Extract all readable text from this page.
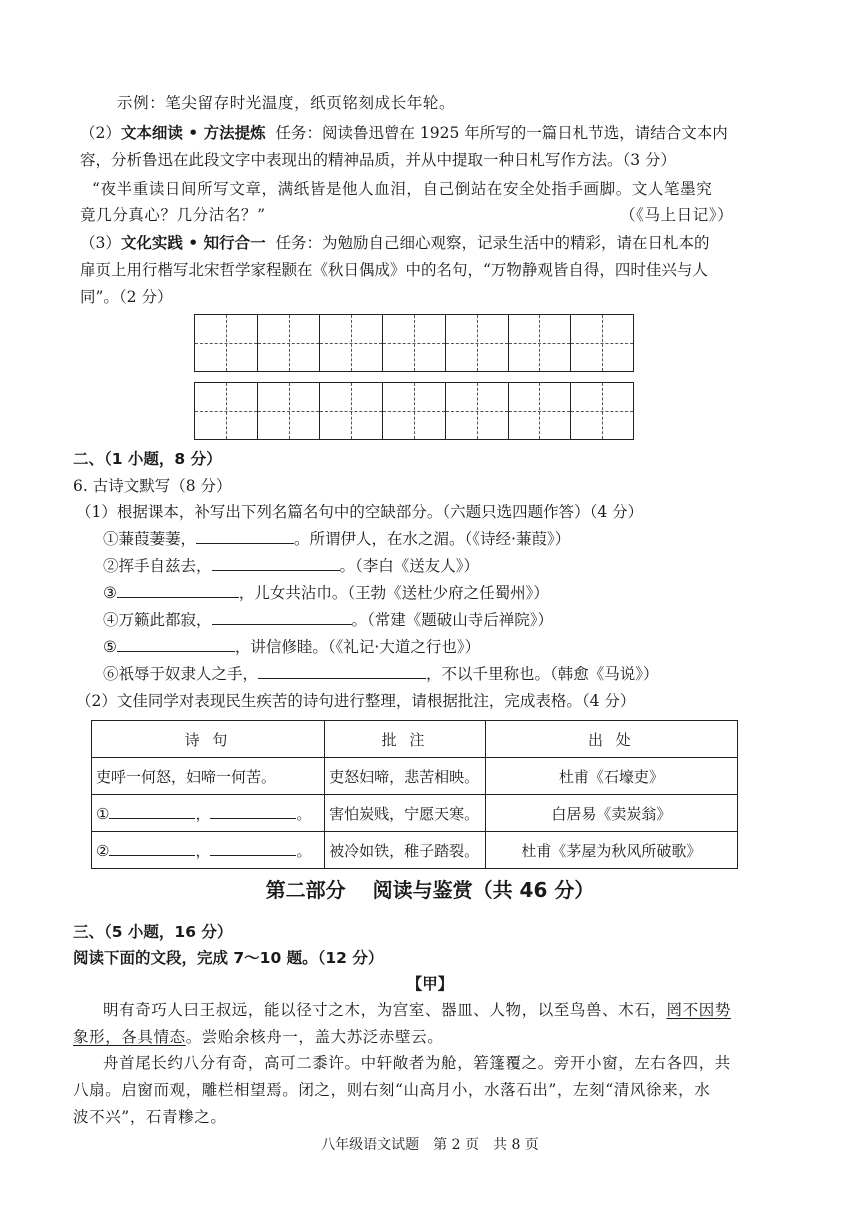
示例：笔尖留存时光温度，纸页铭刻成长年轮。
（2）文本细读 • 方法提炼 任务：阅读鲁迅曾在 1925 年所写的一篇日札节选，请结合文本内
容，分析鲁迅在此段文字中表现出的精神品质，并从中提取一种日札写作方法。（3 分）
“夜半重读日间所写文章，满纸皆是他人血泪，自己倒站在安全处指手画脚。文人笔墨究
竟几分真心？几分沽名？”	（《马上日记》）
（3）文化实践 • 知行合一 任务：为勉励自己细心观察，记录生活中的精彩，请在日札本的
扉页上用行楷写北宋哲学家程颢在《秋日偶成》中的名句，“万物静观皆自得，四时佳兴与人
同”。（2 分）
二、（1 小题，8 分）
6. 古诗文默写（8 分）
（1）根据课本，补写出下列名篇名句中的空缺部分。（六题只选四题作答）（4 分）
①蒹葭萋萋，	。所谓伊人，在水之湄。（《诗经·蒹葭》）
②挥手自兹去，	。（李白《送友人》）
③	，儿女共沾巾。（王勃《送杜少府之任蜀州》）
④万籁此都寂，	。（常建《题破山寺后禅院》）
⑤	，讲信修睦。（《礼记·大道之行也》）
⑥祇辱于奴隶人之手，	，不以千里称也。（韩愈《马说》）
（2）文佳同学对表现民生疾苦的诗句进行整理，请根据批注，完成表格。（4 分）
诗 句	批 注	出 处
吏呼一何怒，妇啼一何苦。	吏怒妇啼，悲苦相映。	杜甫《石壕吏》
① ， 。	害怕炭贱，宁愿天寒。	白居易《卖炭翁》
② ， 。	被冷如铁，稚子踏裂。	杜甫《茅屋为秋风所破歌》
第二部分　 阅读与鉴赏（共 46 分）
三、（5 小题，16 分）
阅读下面的文段，完成 7～10 题。（12 分）
【甲】
明有奇巧人曰王叔远，能以径寸之木，为宫室、器皿、人物，以至鸟兽、木石，罔不因势
象形，各具情态。尝贻余核舟一，盖大苏泛赤壁云。
舟首尾长约八分有奇，高可二黍许。中轩敞者为舱，箬篷覆之。旁开小窗，左右各四，共
八扇。启窗而观，雕栏相望焉。闭之，则右刻“山高月小，水落石出”，左刻“清风徐来，水
波不兴”，石青糁之。
八年级语文试题　第 2 页　共 8 页
